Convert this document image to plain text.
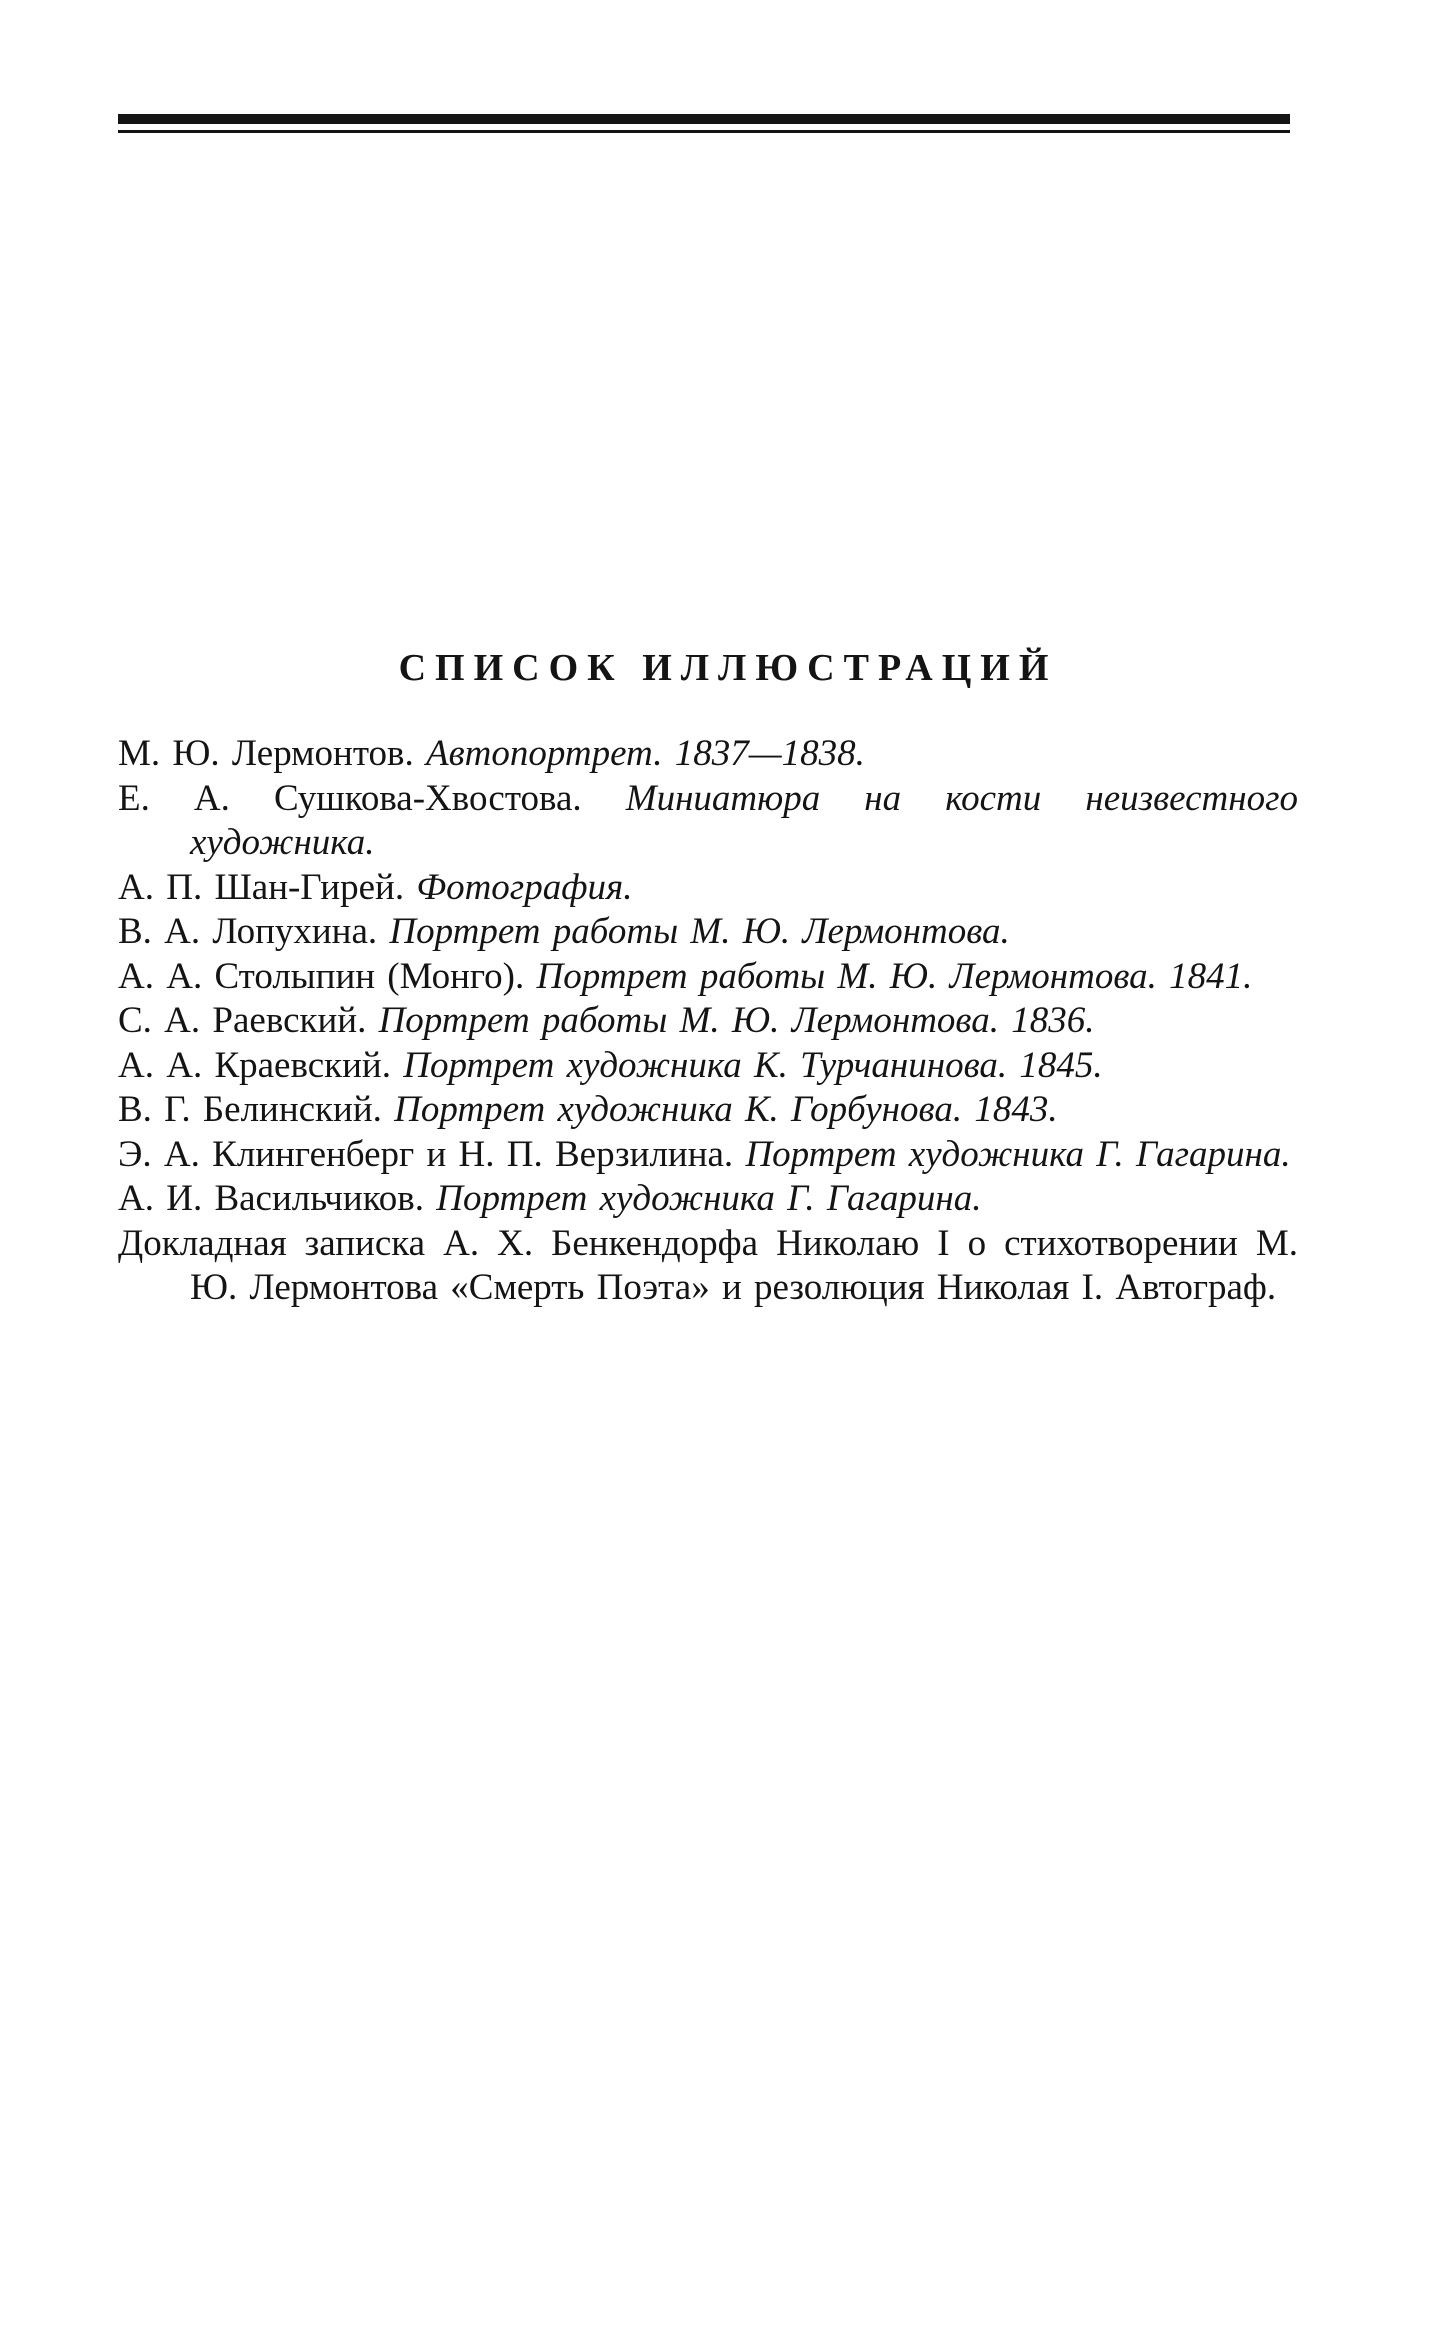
СПИСОК ИЛЛЮСТРАЦИЙ
М. Ю. Лермонтов. Автопортрет. 1837—1838.
Е. А. Сушкова-Хвостова. Миниатюра на кости неизвестного художника.
А. П. Шан-Гирей. Фотография.
В. А. Лопухина. Портрет работы М. Ю. Лермонтова.
А. А. Столыпин (Монго). Портрет работы М. Ю. Лермонтова. 1841.
С. А. Раевский. Портрет работы М. Ю. Лермонтова. 1836.
А. А. Краевский. Портрет художника К. Турчанинова. 1845.
В. Г. Белинский. Портрет художника К. Горбунова. 1843.
Э. А. Клингенберг и Н. П. Верзилина. Портрет художника Г. Гагарина.
А. И. Васильчиков. Портрет художника Г. Гагарина.
Докладная записка А. Х. Бенкендорфа Николаю I о стихотворении М. Ю. Лермонтова «Смерть Поэта» и резолюция Николая I. Автограф.
